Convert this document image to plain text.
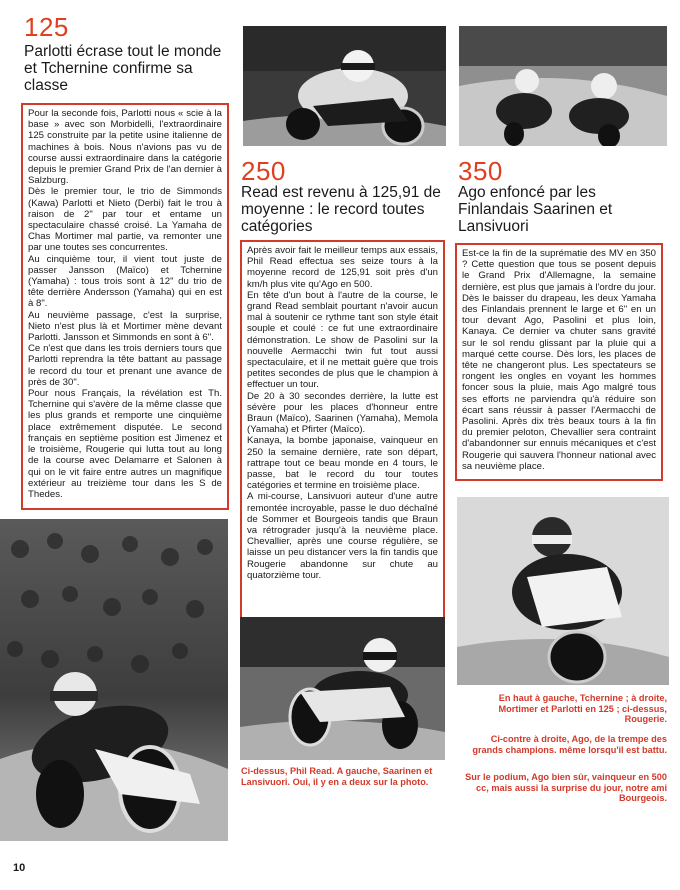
125
Parlotti écrase tout le monde et Tchernine confirme sa classe

Pour la seconde fois, Parlotti nous « scie à la base » avec son Morbidelli, l'extraordinaire 125 construite par la petite usine italienne de machines à bois. Nous n'avions pas vu de course aussi extraordinaire dans la catégorie depuis le premier Grand Prix de l'an dernier à Salzburg.
Dès le premier tour, le trio de Simmonds (Kawa) Parlotti et Nieto (Derbi) fait le trou à raison de 2" par tour et entame un spectaculaire chassé croisé. La Yamaha de Chas Mortimer mal partie, va remonter une par une toutes ses concurrentes.
Au cinquième tour, il vient tout juste de passer Jansson (Maïco) et Tchernine (Yamaha) : tous trois sont à 12" du trio de tête derrière Andersson (Yamaha) qui en est à 8".
Au neuvième passage, c'est la surprise, Nieto n'est plus là et Mortimer mène devant Parlotti. Jansson et Simmonds en sont à 6".
Ce n'est que dans les trois derniers tours que Parlotti reprendra la tête battant au passage le record du tour et prenant une avance de près de 30".
Pour nous Français, la révélation est Th. Tchernine qui s'avère de la même classe que les plus grands et remporte une cinquième place extrêmement disputée. Le second français en septième position est Jimenez et le troisième, Rougerie qui lutta tout au long de la course avec Delamarre et Salonen à qui on le vit faire entre autres un magnifique extérieur au treizième tour dans les S de Thedes.

10
250
Read est revenu à 125,91 de moyenne : le record toutes catégories

Après avoir fait le meilleur temps aux essais, Phil Read effectua ses seize tours à la moyenne record de 125,91 soit près d'un km/h plus vite qu'Ago en 500.
En tête d'un bout à l'autre de la course, le grand Read semblait pourtant n'avoir aucun mal à soutenir ce rythme tant son style était souple et coulé : ce fut une extraordinaire démonstration. Le show de Pasolini sur la nouvelle Aermacchi twin fut tout aussi spectaculaire, et il ne mettait guère que trois petites secondes de plus que le champion à effectuer un tour.
De 20 à 30 secondes derrière, la lutte est sévère pour les places d'honneur entre Braun (Maïco), Saarinen (Yamaha), Memola (Yamaha) et Pfirter (Maïco).
Kanaya, la bombe japonaise, vainqueur en 250 la semaine dernière, rate son départ, rattrape tout ce beau monde en 4 tours, le passe, bat le record du tour toutes catégories et termine en troisième place.
A mi-course, Lansivuori auteur d'une autre remontée incroyable, passe le duo déchaîné de Sommer et Bourgeois tandis que Braun va rétrograder jusqu'à la neuvième place. Chevallier, après une course régulière, se laisse un peu distancer vers la fin tandis que Rougerie abandonne sur chute au quatorzième tour.

Ci-dessus, Phil Read. A gauche, Saarinen et Lansivuori. Oui, il y en a deux sur la photo.
350
Ago enfoncé par les Finlandais Saarinen et Lansivuori

Est-ce la fin de la suprématie des MV en 350 ? Cette question que tous se posent depuis le Grand Prix d'Allemagne, la semaine dernière, est plus que jamais à l'ordre du jour. Dès le baisser du drapeau, les deux Yamaha des Finlandais prennent le large et 6" en un tour devant Ago, Pasolini et plus loin, Kanaya. Ce dernier va chuter sans gravité sur le sol rendu glissant par la pluie qui a marqué cette course. Dès lors, les places de tête ne changeront plus. Les spectateurs se rongent les ongles en voyant les hommes foncer sous la pluie, mais Ago malgré tous ses efforts ne parviendra qu'à réduire son écart sans réussir à passer l'Aermacchi de Pasolini. Après dix très beaux tours à la fin du premier peloton, Chevallier sera contraint d'abandonner sur ennuis mécaniques et c'est Rougerie qui sauvera l'honneur national avec sa neuvième place.

En haut à gauche, Tchernine ; à droite, Mortimer et Parlotti en 125 ; ci-dessus, Rougerie.
Ci-contre à droite, Ago, de la trempe des grands champions. même lorsqu'il est battu.
Sur le podium, Ago bien sûr, vainqueur en 500 cc, mais aussi la surprise du jour, notre ami Bourgeois.
